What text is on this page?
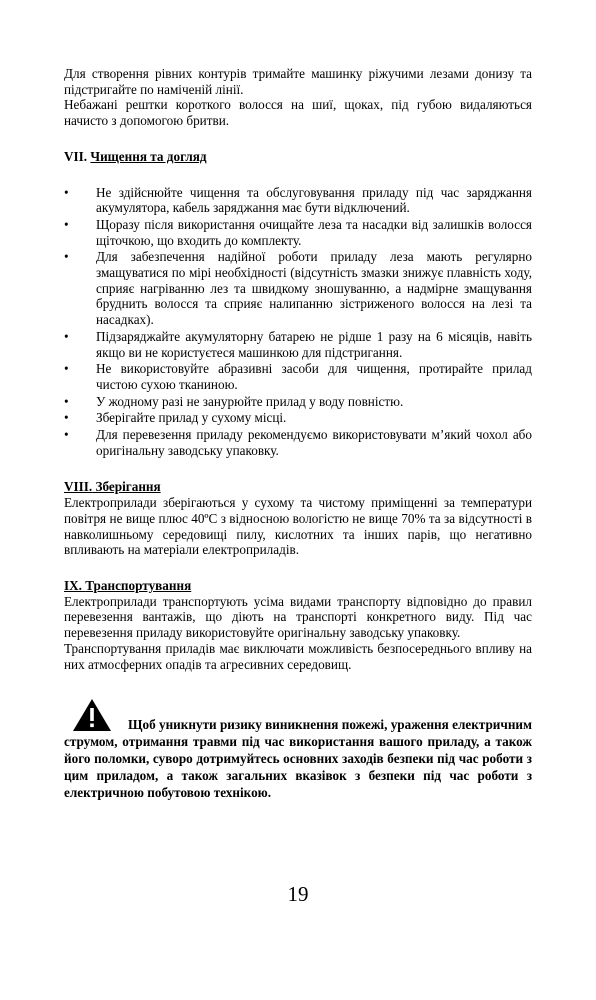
Для створення рівних контурів тримайте машинку ріжучими лезами донизу та підстригайте по наміченій лінії.

Небажані рештки короткого волосся на шиї, щоках, під губою видаляються начисто з допомогою бритви.

VII. Чищення та догляд

• Не здійснюйте чищення та обслуговування приладу під час заряджання акумулятора, кабель заряджання має бути відключений.
• Щоразу після використання очищайте леза та насадки від залишків волосся щіточкою, що входить до комплекту.
• Для забезпечення надійної роботи приладу леза мають регулярно змащуватися по мірі необхідності (відсутність змазки знижує плавність ходу, сприяє нагріванню лез та швидкому зношуванню, а надмірне змащування бруднить волосся та сприяє налипанню зістриженого волосся на лезі та насадках).
• Підзаряджайте акумуляторну батарею не рідше 1 разу на 6 місяців, навіть якщо ви не користуєтеся машинкою для підстригання.
• Не використовуйте абразивні засоби для чищення, протирайте прилад чистою сухою тканиною.
• У жодному разі не занурюйте прилад у воду повністю.
• Зберігайте прилад у сухому місці.
• Для перевезення приладу рекомендуємо використовувати м’який чохол або оригінальну заводську упаковку.

VIII. Зберігання

Електроприлади зберігаються у сухому та чистому приміщенні за температури повітря не вище плюс 40ºС з відносною вологістю не вище 70% та за відсутності в навколишньому середовищі пилу, кислотних та інших парів, що негативно впливають на матеріали електроприладів.

IX. Транспортування

Електроприлади транспортують усіма видами транспорту відповідно до правил перевезення вантажів, що діють на транспорті конкретного виду. Під час перевезення приладу використовуйте оригінальну заводську упаковку.

Транспортування приладів має виключати можливість безпосереднього впливу на них атмосферних опадів та агресивних середовищ.

Щоб уникнути ризику виникнення пожежі, ураження електричним струмом, отримання травми під час використання вашого приладу, а також його поломки, суворо дотримуйтесь основних заходів безпеки під час роботи з цим приладом, а також загальних вказівок з безпеки під час роботи з електричною побутовою технікою.

19
